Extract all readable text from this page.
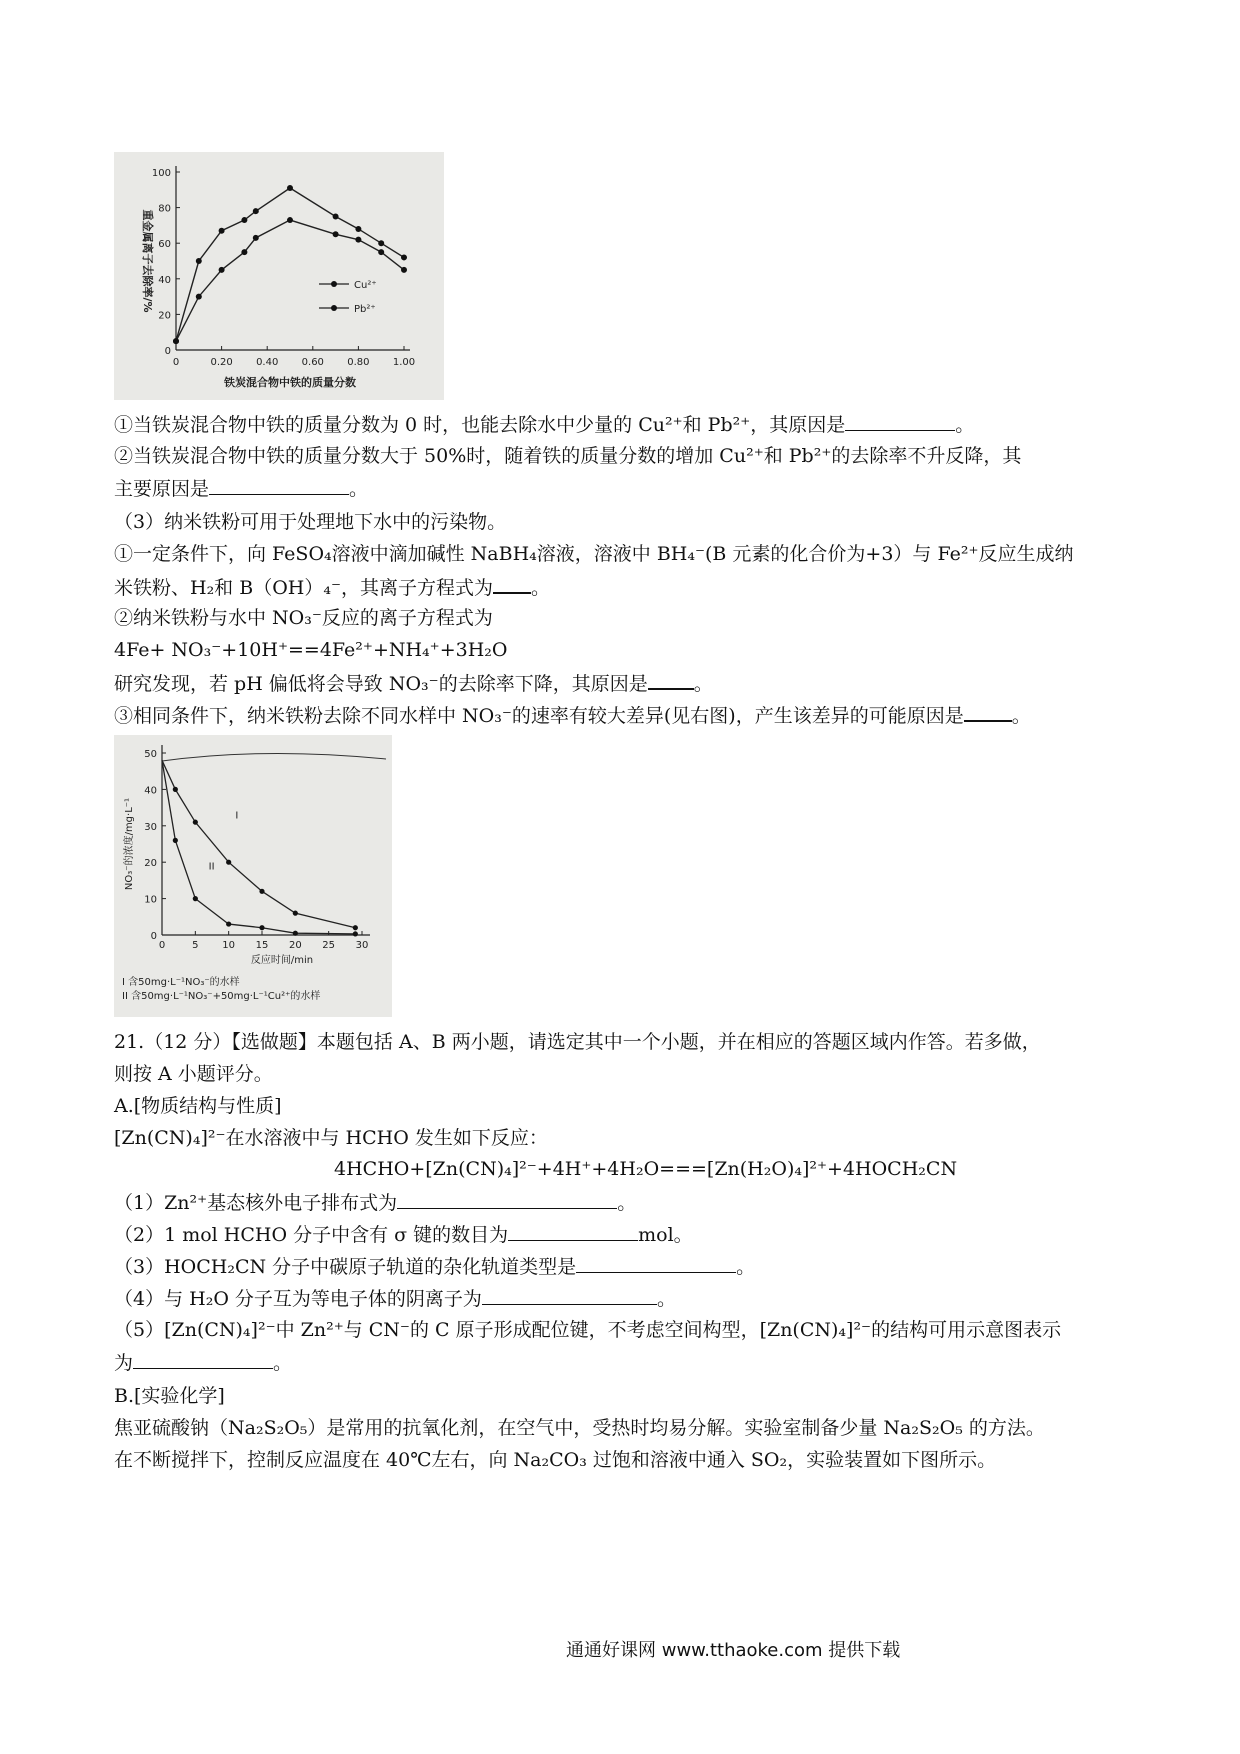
0
20
40
60
80
100
0	0.20 0.40 0.60 0.80 1.00
铁炭混合物中铁的质量分数
重金属离子去除率/%	Cu²⁺
Pb²⁺
①当铁炭混合物中铁的质量分数为 0 时，也能去除水中少量的 Cu²⁺和 Pb²⁺，其原因是	。
②当铁炭混合物中铁的质量分数大于 50%时，随着铁的质量分数的增加 Cu²⁺和 Pb²⁺的去除率不升反降，其
主要原因是	。
（3）纳米铁粉可用于处理地下水中的污染物。
①一定条件下，向 FeSO₄溶液中滴加碱性 NaBH₄溶液，溶液中 BH₄⁻(B 元素的化合价为+3）与 Fe²⁺反应生成纳
米铁粉、H₂和 B（OH）₄⁻，其离子方程式为 。
②纳米铁粉与水中 NO₃⁻反应的离子方程式为
4Fe+ NO₃⁻+10H⁺==4Fe²⁺+NH₄⁺+3H₂O
研究发现，若 pH 偏低将会导致 NO₃⁻的去除率下降，其原因是 。
③相同条件下，纳米铁粉去除不同水样中 NO₃⁻的速率有较大差异(见右图)，产生该差异的可能原因是	。
0
10
20
30
40
50
0	5 10 15 20 25 30
反应时间/min
NO₃⁻的浓度/mg·L⁻¹	I
II
I 含50mg·L⁻¹NO₃⁻的水样
II 含50mg·L⁻¹NO₃⁻+50mg·L⁻¹Cu²⁺的水样
21.（12 分）【选做题】本题包括 A、B 两小题，请选定其中一个小题，并在相应的答题区域内作答。若多做，
则按 A 小题评分。
A.[物质结构与性质]
[Zn(CN)₄]²⁻在水溶液中与 HCHO 发生如下反应：
4HCHO+[Zn(CN)₄]²⁻+4H⁺+4H₂O===[Zn(H₂O)₄]²⁺+4HOCH₂CN
（1）Zn²⁺基态核外电子排布式为	。
（2）1 mol HCHO 分子中含有 σ 键的数目为	mol。
（3）HOCH₂CN 分子中碳原子轨道的杂化轨道类型是	。
（4）与 H₂O 分子互为等电子体的阴离子为	。
（5）[Zn(CN)₄]²⁻中 Zn²⁺与 CN⁻的 C 原子形成配位键，不考虑空间构型，[Zn(CN)₄]²⁻的结构可用示意图表示
为	。
B.[实验化学]
焦亚硫酸钠（Na₂S₂O₅）是常用的抗氧化剂，在空气中，受热时均易分解。实验室制备少量 Na₂S₂O₅ 的方法。
在不断搅拌下，控制反应温度在 40℃左右，向 Na₂CO₃ 过饱和溶液中通入 SO₂，实验装置如下图所示。
通通好课网 www.tthaoke.com 提供下载
